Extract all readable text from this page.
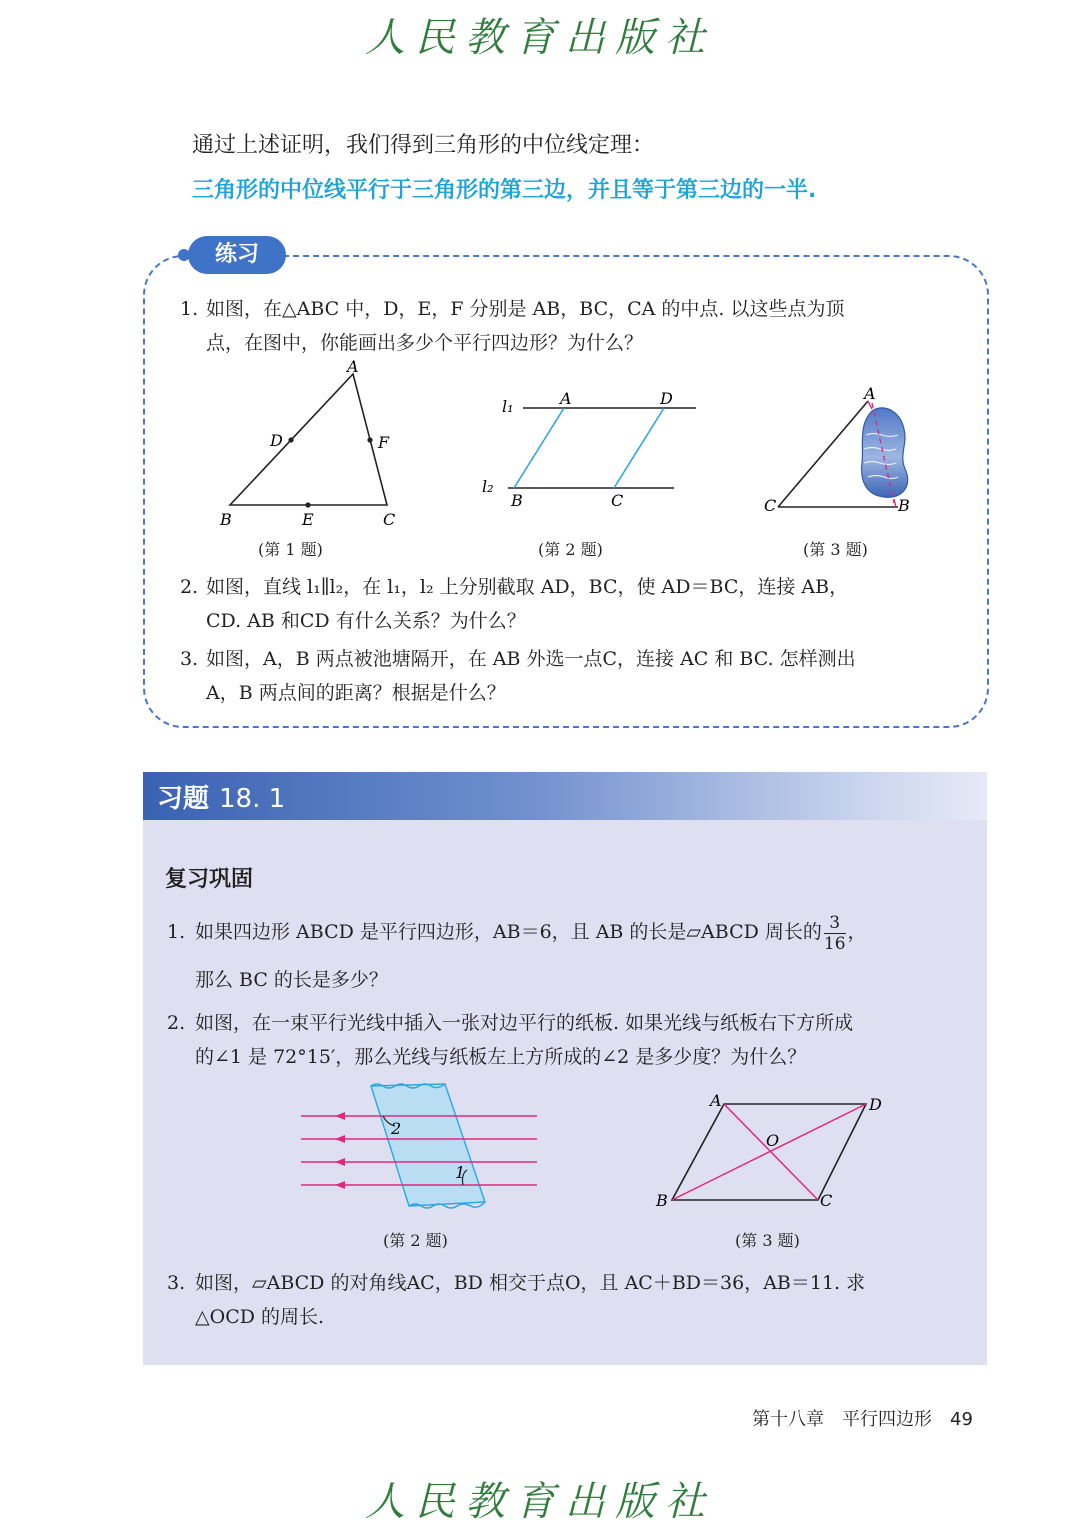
人民教育出版社
通过上述证明，我们得到三角形的中位线定理：
三角形的中位线平行于三角形的第三边，并且等于第三边的一半.
练习
1. 如图，在△ABC 中，D，E，F 分别是 AB，BC，CA 的中点. 以这些点为顶
点，在图中，你能画出多少个平行四边形？为什么？
A
B	C
D
E
F
(第 1 题)
l₁
l₂
A	D
B	C
(第 2 题)
A
B
C
(第 3 题)
2. 如图，直线 l₁∥l₂，在 l₁，l₂ 上分别截取 AD，BC，使 AD＝BC，连接 AB，
CD. AB 和CD 有什么关系？为什么？
3. 如图，A，B 两点被池塘隔开，在 AB 外选一点C，连接 AC 和 BC. 怎样测出
A，B 两点间的距离？根据是什么？
习题 18. 1
复习巩固
1. 如果四边形 ABCD 是平行四边形，AB＝6，且 AB 的长是▱ABCD 周长的 $\frac{3}{16}$ ，
那么 BC 的长是多少？
2. 如图，在一束平行光线中插入一张对边平行的纸板. 如果光线与纸板右下方所成
的∠1 是 72°15′，那么光线与纸板左上方所成的∠2 是多少度？为什么？
2
1
(第 2 题)
A	D
O
B	C
(第 3 题)
3. 如图，▱ABCD 的对角线AC，BD 相交于点O，且 AC＋BD＝36，AB＝11. 求
△OCD 的周长.
第十八章　平行四边形 49
人民教育出版社
